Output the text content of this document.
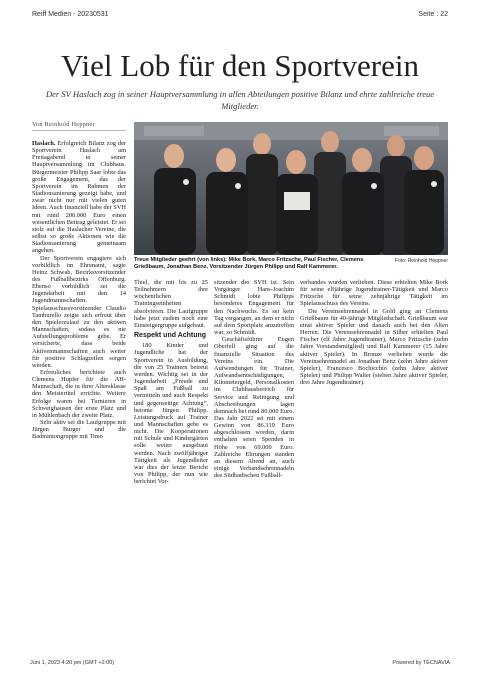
Reiff Medien - 20230531	Seite : 22
Viel Lob für den Sportverein
Der SV Haslach zog in seiner Hauptversammlung in allen Abteilungen positive Bilanz und ehrte zahlreiche treue Mitglieder.
Von Reinhold Heppner
Foto: Reinhold Heppner
Treue Mitglieder geehrt (von links): Mike Bork, Marco Fritzsche, Paul Fischer, Clemens Grießbaum, Jonathan Benz, Vorsitzender Jürgen Philipp und Ralf Kammerer.

Haslach. Erfolgreich Bilanz zog der Sportverein Haslach am Freitagabend in seiner Hauptversammlung im Clubhaus. Bürgermeister Philipp Saar lobte das große Engagement, das der Sportverein im Rahmen der Stadionsanierung gezeigt habe, und zwar nicht nur mit vielen guten Ideen. Auch finanziell habe der SVH mit rund 200.000 Euro einen wesentlichen Beitrag geleistet. Er sei stolz auf die Haslacher Vereine, die selbst so große Aktionen wie die Stadionsanierung gemeinsam angehen.

Der Sportverein engagiere sich vorbildlich im Ehrenamt, sagte Heinz Schwab, Bezirksvorsitzender des Fußballbezirks Offenburg. Ebenso vorbildlich sei die Jugendarbeit mit den 14 Jugendmannschaften. Spielausschussvorsitzender Claudio Tamburello zeigte sich erfreut über den Spielerzulauf zu den aktiven Mannschaften, sodass es nie Aufstellungsprobleme gebe. Er versicherte, dass beide Aktivenmannschaften auch weiter für positive Schlagzeilen sorgen werden.

Erfreuliches berichtete auch Clemens Hupfer für die AH-Mannschaft, die in ihrer Altersklasse den Meistertitel errichte. Weitere Erfolge waren bei Turnieren in Schweighausen der erste Platz und in Mühlenbach der zweite Platz.

Sehr aktiv sei die Laufgruppe mit Jürgen Burger und die Badmintongruppe mit Timo

Thiel, die mit bis zu 25 Teilnehmern ihre wöchentlichen Trainingseinheiten absolvieren. Die Laufgruppe habe jetzt zudem noch eine Einsteigergruppe aufgebaut.

Respekt und Achtung

180 Kinder und Jugendliche hat der Sportverein in Ausbildung, die von 25 Trainern betreut werden. Wichtig sei in der Jugendarbeit „Freude und Spaß am Fußball zu vermitteln und auch Respekt und gegenseitige Achtung“, betonte Jürgen Philipp. Leistungsdruck auf Trainer und Mannschaften gebe es nicht. Die Kooperationen mit Schule und Kindergärten solle weiter ausgebaut werden. Nach zwölfjähriger Tätigkeit als Jugendleiter war dies der letzte Bericht von Philipp, der nun wie berichtet Vor-

sitzender des SVH ist. Sein Vorgänger Hans-Joachim Schmidt lobte Philipps besonderes Engagement für den Nachwuchs. Es sei kein Tag vergangen, an dem er nicht auf dem Sportplatz anzutreffen war, so Schmidt.

Geschäftsführer Eugen Oberfell ging auf die finanzielle Situation des Vereins ein. Die Aufwendungen für Trainer, Aufwandsentschädigungen, Kilometergeld, Personalkosten im Clubhausbereich für Service und Reinigung und Abschreibungen lagen demnach bei rund 80.000 Euro. Das Jahr 2022 sei mit einem Gewinn von 86.319 Euro abgeschlossen worden, darin enthalten seien Spenden in Höhe von 69.000 Euro. Zahlreiche Ehrungen standen an diesem Abend an, auch einige Verbandsehrennadeln des Südbadischen Fußball-

verbandes wurden verliehen. Diese erhielten Mike Bork für seine elfjährige Jugendtrainer-Tätigkeit und Marco Fritzsche für seine zehnjährige Tätigkeit im Spielausschuss des Vereins.

Die Vereinsehrennadel in Gold ging an Clemens Grießbaum für 40-jährige Mitgliedschaft. Grießbaum war einst aktiver Spieler und danach auch bei den Alten Herren. Die Vereinsehrennadel in Silber erhielten Paul Fischer (elf Jahre Jugendtrainer), Marco Fritzsche (zehn Jahre Vorstandsmitglied) und Ralf Kammerer (15 Jahre aktiver Spieler). In Bronze verliehen wurde die Vereinsehrennadel an Jonathan Benz (zehn Jahre aktiver Spieler), Francesco Bochicchio (zehn Jahre aktiver Spieler) und Philipp Walter (sieben Jahre aktiver Spieler, drei Jahre Jugendtrainer).

Juni 1, 2023 4:20 pm (GMT +2:00)	Powered by TECNAVIA
